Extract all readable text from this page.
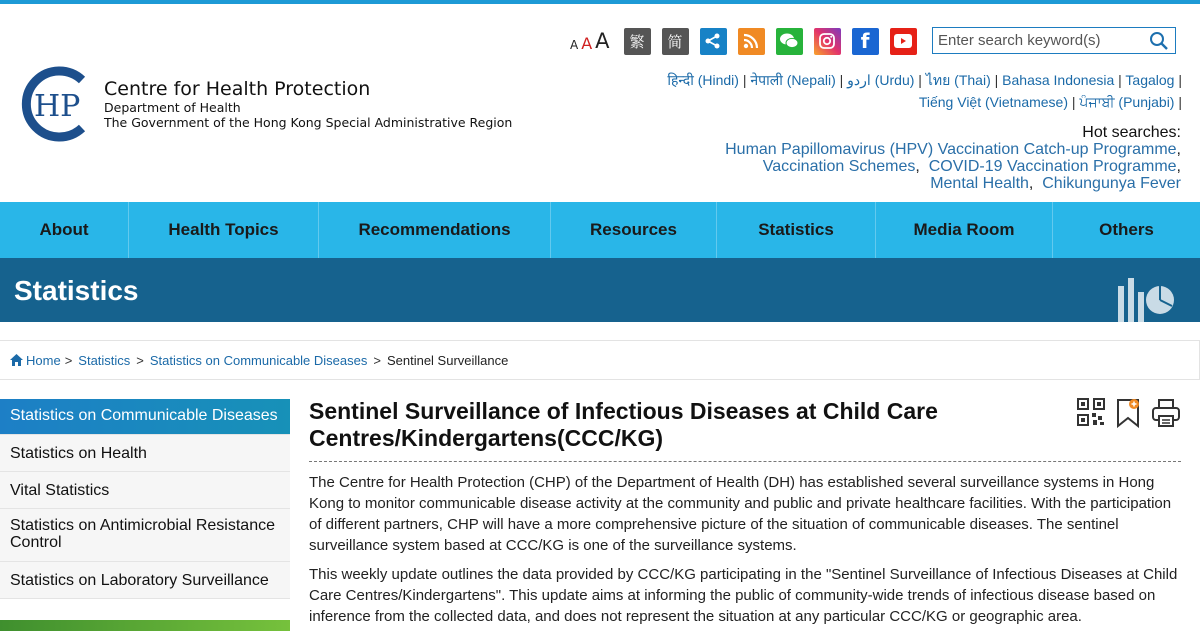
HP Centre for Health Protection
Department of Health
The Government of the Hong Kong Special Administrative Region
A A A	繁	简	f
Enter search keyword(s)
हिन्दी (Hindi) | नेपाली (Nepali) | اردو (Urdu) | ไทย (Thai) | Bahasa Indonesia | Tagalog |
Tiếng Việt (Vietnamese) | ਪੰਜਾਬੀ (Punjabi) |
Hot searches:
Human Papillomavirus (HPV) Vaccination Catch-up Programme,
Vaccination Schemes,  COVID-19 Vaccination Programme,
Mental Health,  Chikungunya Fever
About	Health Topics	Recommendations	Resources	Statistics	Media Room	Others
Statistics
Home > Statistics > Statistics on Communicable Diseases > Sentinel Surveillance
Statistics on Communicable Diseases
Statistics on Health
Vital Statistics
Statistics on Antimicrobial Resistance Control
Statistics on Laboratory Surveillance
Sentinel Surveillance of Infectious Diseases at Child Care Centres/Kindergartens(CCC/KG)

The Centre for Health Protection (CHP) of the Department of Health (DH) has established several surveillance systems in Hong Kong to monitor communicable disease activity at the community and public and private healthcare facilities. With the participation of different partners, CHP will have a more comprehensive picture of the situation of communicable diseases. The sentinel surveillance system based at CCC/KG is one of the surveillance systems.

This weekly update outlines the data provided by CCC/KG participating in the "Sentinel Surveillance of Infectious Diseases at Child Care Centres/Kindergartens". This update aims at informing the public of community-wide trends of infectious disease based on inference from the collected data, and does not represent the situation at any particular CCC/KG or geographic area.
